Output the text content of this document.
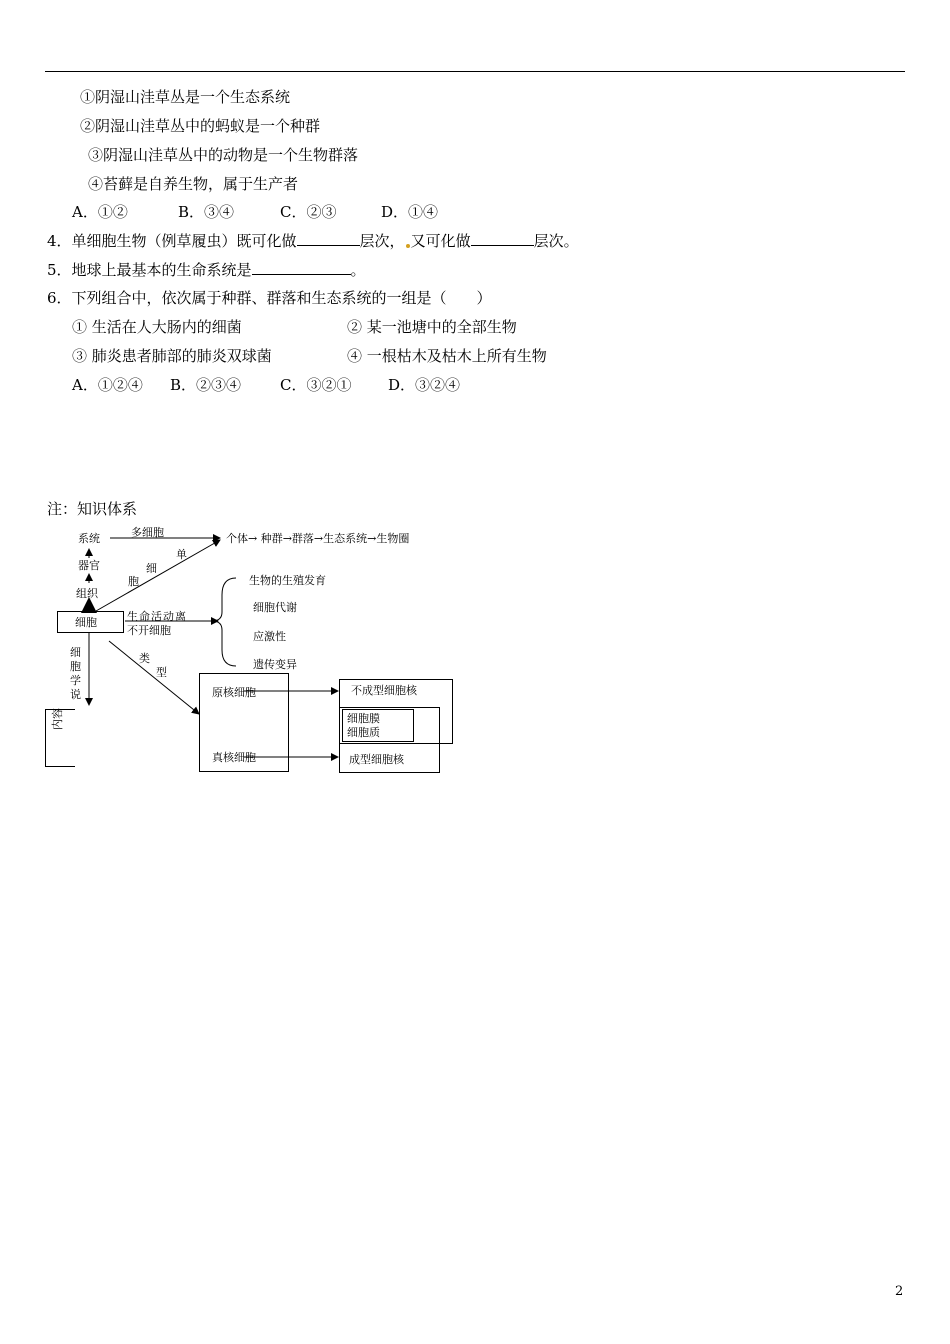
①阴湿山洼草丛是一个生态系统
②阴湿山洼草丛中的蚂蚁是一个种群
③阴湿山洼草丛中的动物是一个生物群落
④苔藓是自养生物，属于生产者
A．①②	B．③④	C．②③	D．①④
4．单细胞生物（例草履虫）既可化做	层次， 又可化做	层次。
5．地球上最基本的生命系统是	。
6．下列组合中，依次属于种群、群落和生态系统的一组是（　　）
① 生活在人大肠内的细菌	② 某一池塘中的全部生物
③ 肺炎患者肺部的肺炎双球菌	④ 一根枯木及枯木上所有生物
A．①②④ B．②③④	C．③②① D．③②④
注：知识体系
系统
器官
组织
多细胞	个体→ 种群→群落→生态系统→生物圈
单
细
胞
细胞	生命活动离
不开细胞
生物的生殖发育
细胞代谢
应激性
遗传变异
细胞学说
内容
类
型
原核细胞
真核细胞
不成型细胞核
细胞膜
细胞质
成型细胞核
2
